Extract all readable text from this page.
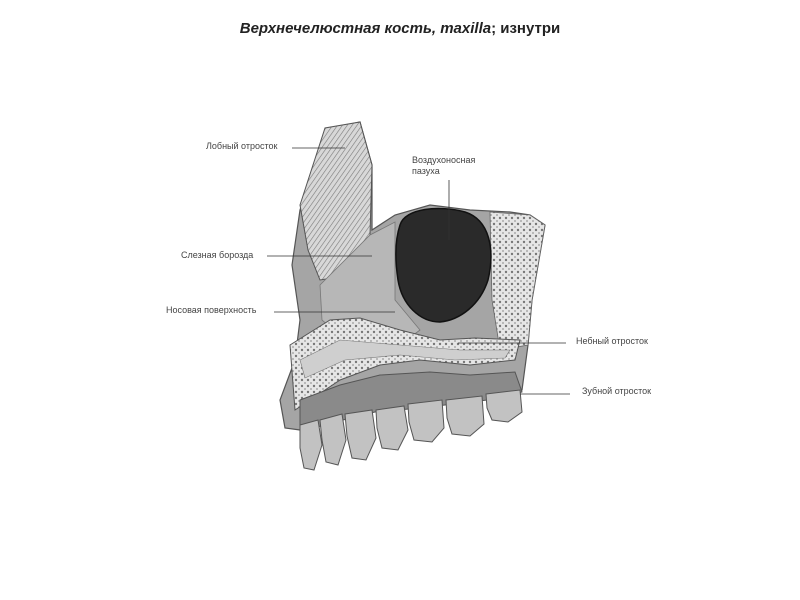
Верхнечелюстная кость, maxilla; изнутри
Лобный отросток
Воздухоносная
пазуха
Слезная борозда
Носовая поверхность
Небный отросток
Зубной отросток
